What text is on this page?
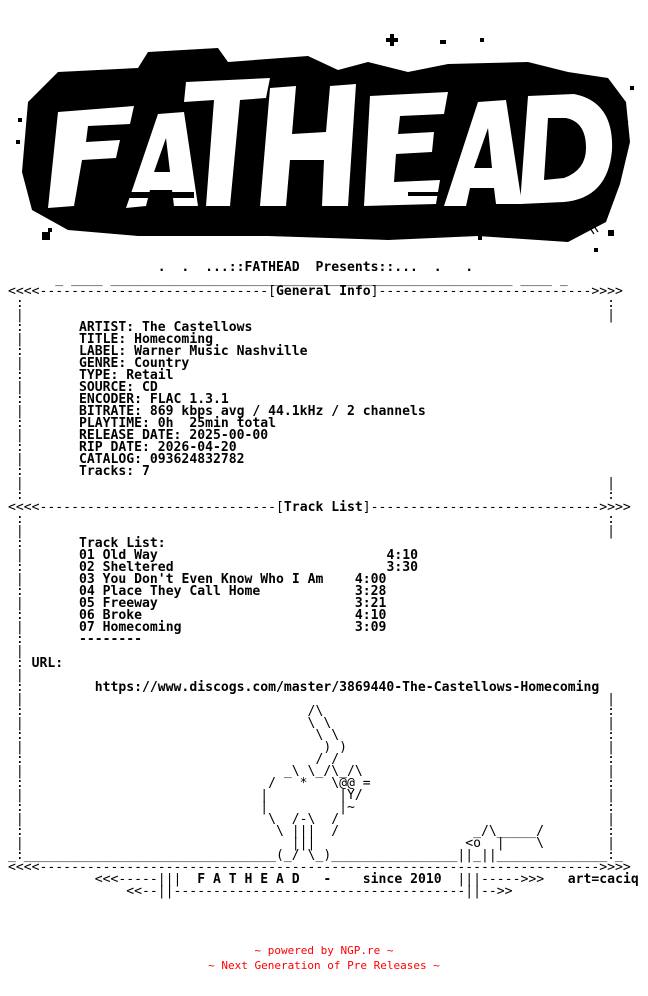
.  .  ...::FATHEAD  Presents::...  .   .
_ ____ ___________________________________________________ ____ _
<<<<-----------------------------[General Info]--------------------------->>>>
:                                                                          :
|                                                                          |
:	ARTIST: The Castellows
|	TITLE: Homecoming
:	LABEL: Warner Music Nashville
|	GENRE: Country
:	TYPE: Retail
|	SOURCE: CD
:	ENCODER: FLAC 1.3.1
|	BITRATE: 869 kbps avg / 44.1kHz / 2 channels
:	PLAYTIME: 0h  25min total
|	RELEASE DATE: 2025-00-00
:	RIP DATE: 2026-04-20
|	CATALOG: 093624832782
:	Tracks: 7
|                                                                          |
:                                                                          :
<<<<------------------------------[Track List]----------------------------->>>>
:                                                                          :
|                                                                          |
:	Track List:
|	01 Old Way	4:10
:	02 Sheltered	3:30
|	03 You Don't Even Know Who I Am 4:00
:	04 Place They Call Home	3:28
|	05 Freeway	3:21
:	06 Broke	4:10
|	07 Homecoming	3:09
:	--------
|
: URL:
|
:	https://www.discogs.com/master/3869440-The-Castellows-Homecoming
|                                                                          |
:                                    /\                                    :
|                                    \ \                                   |
:                                     \ \                                  :
|                                      ) )                                 |
:                                     / /                                  :
|                                 _\ \_/\_/\                               |
:                               /   *   \@@ =                              :
|                              |         |Y/                               |
:                              |         |~                                :
|                               \  /-\  /                                  |
:                                \ |||  /                 _/\_____/        :
|                                  |||                   <o  |    \        |
_:________________________________(_/ \_)________________||_||______________:_
<<<<----------------------------------------------------------------------->>>>
<<<-----|||  F A T H E A D - since 2010  |||----->>>   art=caciq
<<--||-------------------------------------||-->>
~ powered by NGP.re ~
~ Next Generation of Pre Releases ~
